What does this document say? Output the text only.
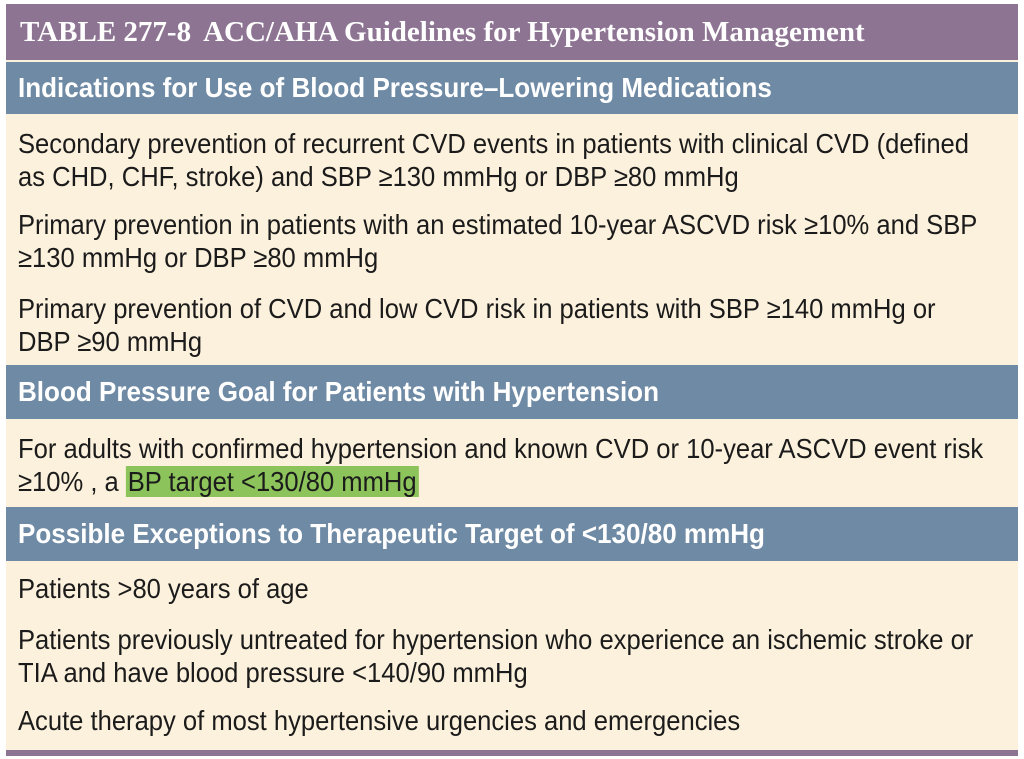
TABLE 277-8 ACC/AHA Guidelines for Hypertension Management
Indications for Use of Blood Pressure–Lowering Medications
Secondary prevention of recurrent CVD events in patients with clinical CVD (defined as CHD, CHF, stroke) and SBP ≥130 mmHg or DBP ≥80 mmHg
Primary prevention in patients with an estimated 10-year ASCVD risk ≥10% and SBP ≥130 mmHg or DBP ≥80 mmHg
Primary prevention of CVD and low CVD risk in patients with SBP ≥140 mmHg or DBP ≥90 mmHg
Blood Pressure Goal for Patients with Hypertension
For adults with confirmed hypertension and known CVD or 10-year ASCVD event risk ≥10% , a BP target <130/80 mmHg
Possible Exceptions to Therapeutic Target of <130/80 mmHg
Patients >80 years of age
Patients previously untreated for hypertension who experience an ischemic stroke or TIA and have blood pressure <140/90 mmHg
Acute therapy of most hypertensive urgencies and emergencies
